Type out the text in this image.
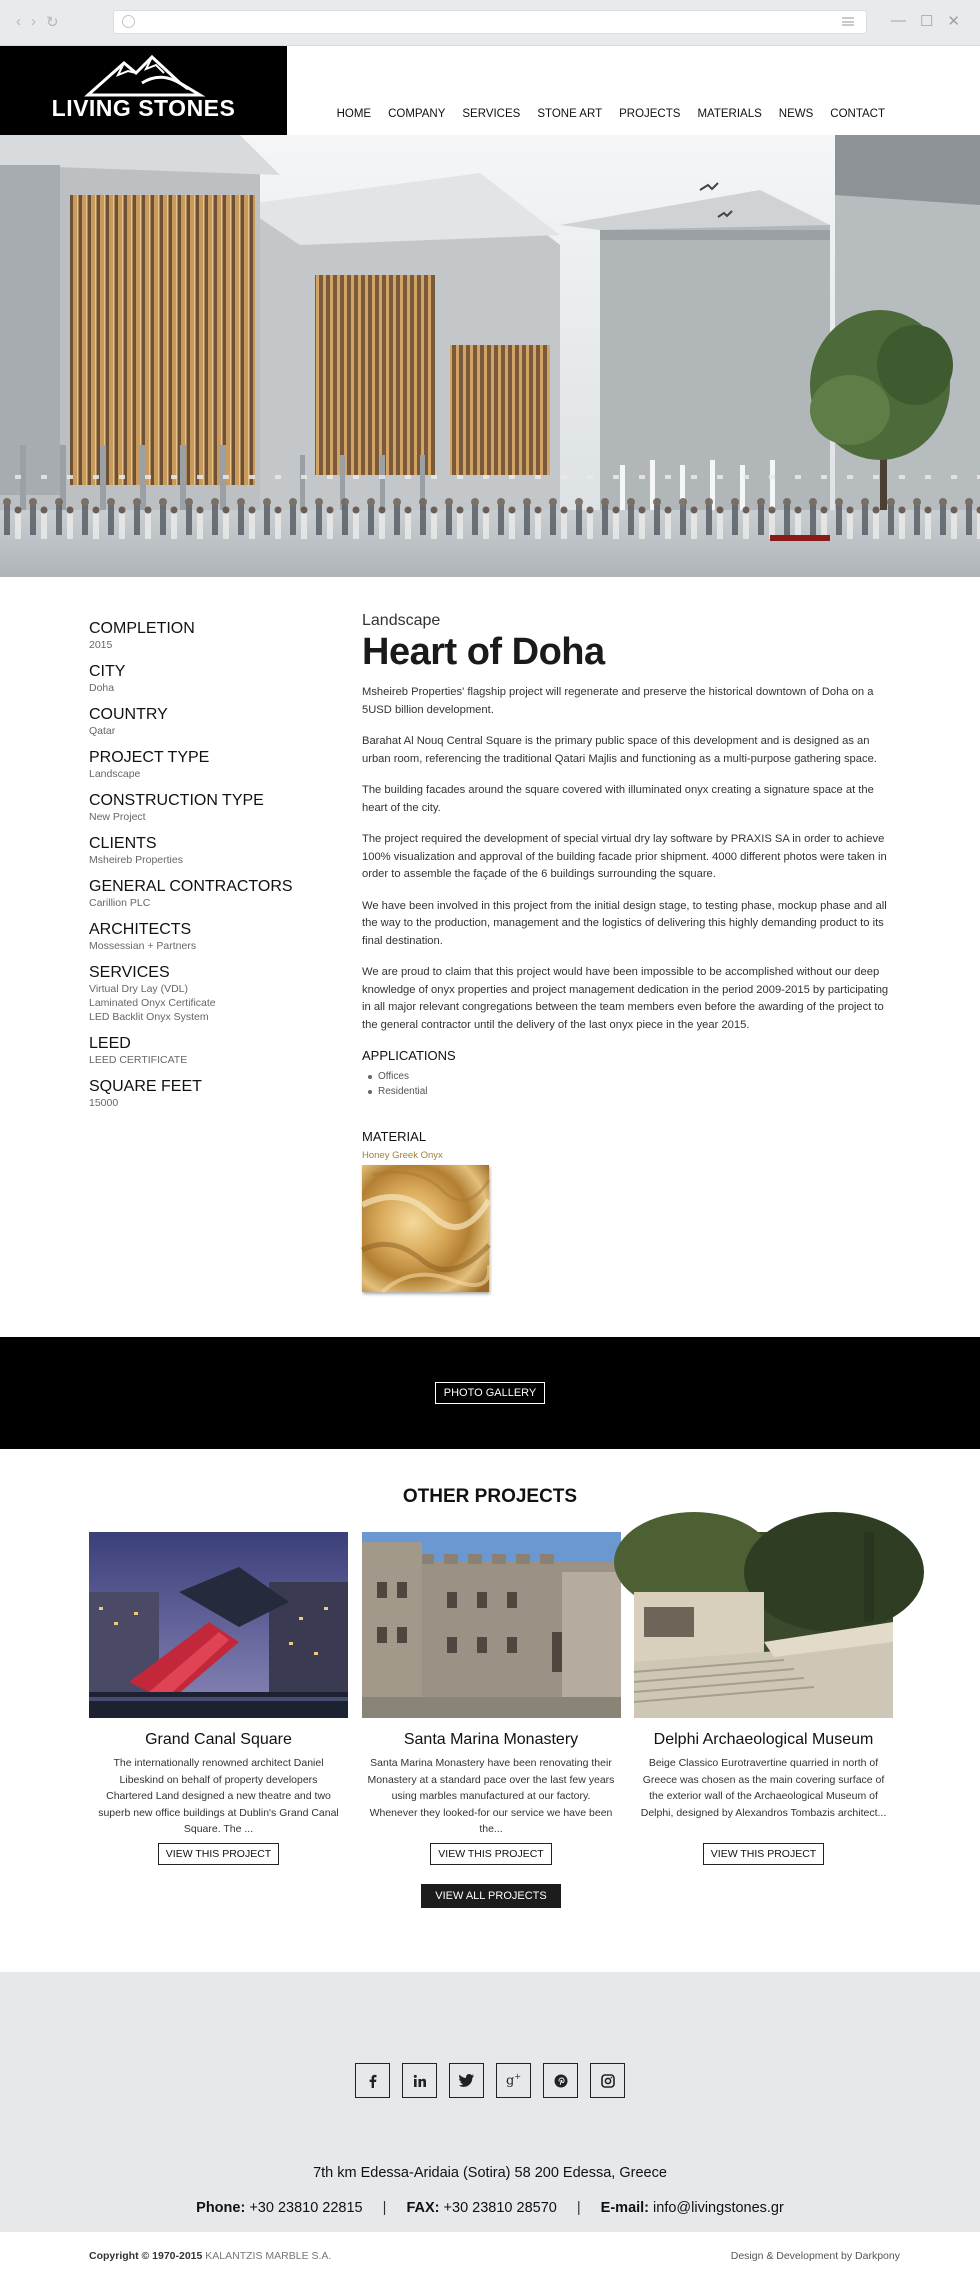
‹ › ↻	— ☐ ✕
LIVING STONES	HOME COMPANY SERVICES STONE ART PROJECTS MATERIALS NEWS CONTACT
COMPLETION
2015
CITY
Doha
COUNTRY
Qatar
PROJECT TYPE
Landscape
CONSTRUCTION TYPE
New Project
CLIENTS
Msheireb Properties
GENERAL CONTRACTORS
Carillion PLC
ARCHITECTS
Mossessian + Partners
SERVICES
Virtual Dry Lay (VDL)
Laminated Onyx Certificate
LED Backlit Onyx System
LEED
LEED CERTIFICATE
SQUARE FEET
15000
Landscape
Heart of Doha

Msheireb Properties' flagship project will regenerate and preserve the historical downtown of Doha on a 5USD billion development.

Barahat Al Nouq Central Square is the primary public space of this development and is designed as an urban room, referencing the traditional Qatari Majlis and functioning as a multi-purpose gathering space.

The building facades around the square covered with illuminated onyx creating a signature space at the heart of the city.

The project required the development of special virtual dry lay software by PRAXIS SA in order to achieve 100% visualization and approval of the building facade prior shipment. 4000 different photos were taken in order to assemble the façade of the 6 buildings surrounding the square.

We have been involved in this project from the initial design stage, to testing phase, mockup phase and all the way to the production, management and the logistics of delivering this highly demanding product to its final destination.

We are proud to claim that this project would have been impossible to be accomplished without our deep knowledge of onyx properties and project management dedication in the period 2009-2015 by participating in all major relevant congregations between the team members even before the awarding of the project to the general contractor until the delivery of the last onyx piece in the year 2015.

APPLICATIONS
Offices
Residential
MATERIAL
Honey Greek Onyx
PHOTO GALLERY
OTHER PROJECTS
Grand Canal Square
The internationally renowned architect Daniel Libeskind on behalf of property developers Chartered Land designed a new theatre and two superb new office buildings at Dublin's Grand Canal Square. The ...
VIEW THIS PROJECT
Santa Marina Monastery
Santa Marina Monastery have been renovating their Monastery at a standard pace over the last few years using marbles manufactured at our factory. Whenever they looked-for our service we have been the...
VIEW THIS PROJECT
Delphi Archaeological Museum
Beige Classico Eurotravertine quarried in north of Greece was chosen as the main covering surface of the exterior wall of the Archaeological Museum of Delphi, designed by Alexandros Tombazis architect...
VIEW THIS PROJECT
VIEW ALL PROJECTS
g+
7th km Edessa-Aridaia (Sotira) 58 200 Edessa, Greece
Phone: +30 23810 22815 | FAX: +30 23810 28570 | E-mail: info@livingstones.gr
Copyright © 1970-2015 KALANTZIS MARBLE S.A.	Design & Development by Darkpony
